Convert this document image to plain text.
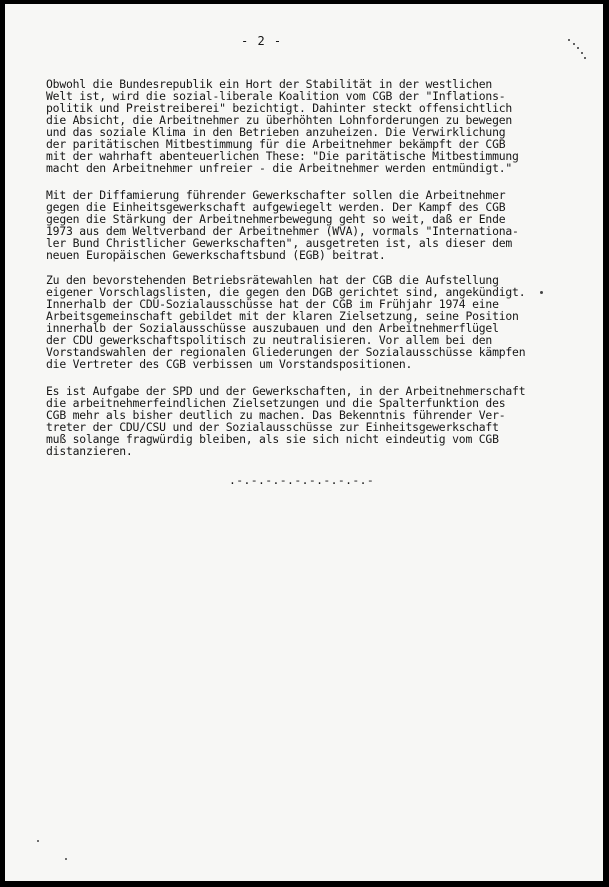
- 2 -
Obwohl die Bundesrepublik ein Hort der Stabilität in der westlichen
Welt ist, wird die sozial-liberale Koalition vom CGB der "Inflations-
politik und Preistreiberei" bezichtigt. Dahinter steckt offensichtlich
die Absicht, die Arbeitnehmer zu überhöhten Lohnforderungen zu bewegen
und das soziale Klima in den Betrieben anzuheizen. Die Verwirklichung
der paritätischen Mitbestimmung für die Arbeitnehmer bekämpft der CGB
mit der wahrhaft abenteuerlichen These: "Die paritätische Mitbestimmung
macht den Arbeitnehmer unfreier - die Arbeitnehmer werden entmündigt."
Mit der Diffamierung führender Gewerkschafter sollen die Arbeitnehmer
gegen die Einheitsgewerkschaft aufgewiegelt werden. Der Kampf des CGB
gegen die Stärkung der Arbeitnehmerbewegung geht so weit, daß er Ende
1973 aus dem Weltverband der Arbeitnehmer (WVA), vormals "Internationa-
ler Bund Christlicher Gewerkschaften", ausgetreten ist, als dieser dem
neuen Europäischen Gewerkschaftsbund (EGB) beitrat.
Zu den bevorstehenden Betriebsrätewahlen hat der CGB die Aufstellung
eigener Vorschlagslisten, die gegen den DGB gerichtet sind, angekündigt.
Innerhalb der CDU-Sozialausschüsse hat der CGB im Frühjahr 1974 eine
Arbeitsgemeinschaft gebildet mit der klaren Zielsetzung, seine Position
innerhalb der Sozialausschüsse auszubauen und den Arbeitnehmerflügel
der CDU gewerkschaftspolitisch zu neutralisieren. Vor allem bei den
Vorstandswahlen der regionalen Gliederungen der Sozialausschüsse kämpfen
die Vertreter des CGB verbissen um Vorstandspositionen.
Es ist Aufgabe der SPD und der Gewerkschaften, in der Arbeitnehmerschaft
die arbeitnehmerfeindlichen Zielsetzungen und die Spalterfunktion des
CGB mehr als bisher deutlich zu machen. Das Bekenntnis führender Ver-
treter der CDU/CSU und der Sozialausschüsse zur Einheitsgewerkschaft
muß solange fragwürdig bleiben, als sie sich nicht eindeutig vom CGB
distanzieren.
.-.-.-.-.-.-.-.-.-.-
